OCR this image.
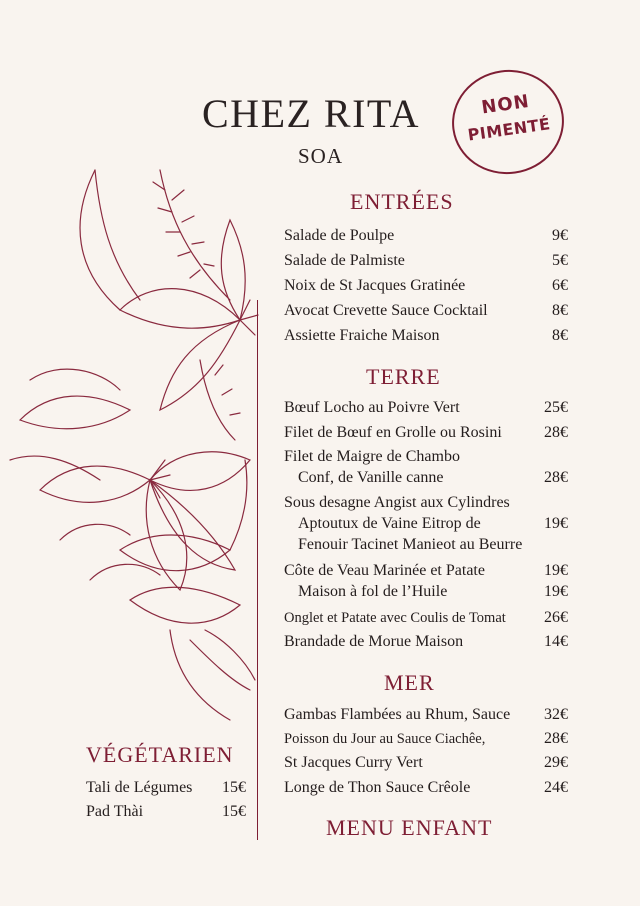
CHEZ RITA
SOA
NON
PIMENTÉ
ENTRÉES
Salade de Poulpe	9€
Salade de Palmiste	5€
Noix de St Jacques Gratinée	6€
Avocat Crevette Sauce Cocktail	8€
Assiette Fraiche Maison	8€
TERRE
Bœuf Locho au Poivre Vert	25€
Filet de Bœuf en Grolle ou Rosini	28€
Filet de Maigre de Chambo
Conf, de Vanille canne	28€
Sous desagne Angist aux Cylindres
Aptoutux de Vaine Eitrop de	19€
Fenouir Tacinet Manieot au Beurre
Côte de Veau Marinée et Patate	19€
Maison à fol de l’Huile	19€
Onglet et Patate avec Coulis de Tomat	26€
Brandade de Morue Maison	14€
MER
Gambas Flambées au Rhum, Sauce	32€
Poisson du Jour au Sauce Ciachêe,	28€
St Jacques Curry Vert	29€
Longe de Thon Sauce Crêole	24€
VÉGÉTARIEN
Tali de Légumes	15€
Pad Thài	15€
MENU ENFANT
